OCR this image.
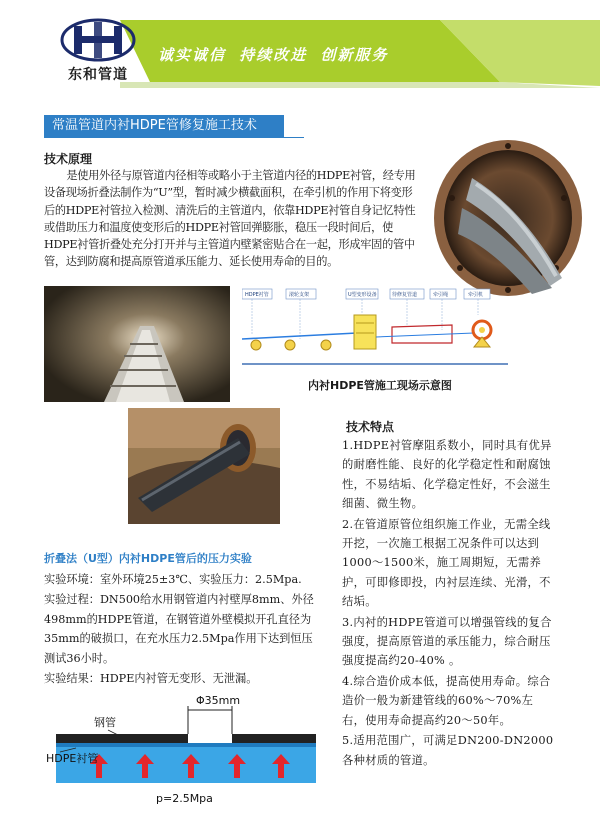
东和管道
诚实诚信 持续改进 创新服务
常温管道内衬HDPE管修复施工技术
技术原理
是使用外径与原管道内径相等或略小于主管道内径的HDPE衬管，经专用设备现场折叠法制作为“U”型，暂时减少横截面积，在牵引机的作用下将变形后的HDPE衬管拉入检测、清洗后的主管道内，依靠HDPE衬管自身记忆特性或借助压力和温度使变形后的HDPE衬管回弹膨胀，稳压一段时间后，使HDPE衬管折叠处充分打开并与主管道内壁紧密贴合在一起，形成牢固的管中管，达到防腐和提高原管道承压能力、延长使用寿命的目的。
HDPE衬管	滚轮支架	U型变形设备	待修复管道	牵引绳	牵引机
内衬HDPE管施工现场示意图
技术特点

1.HDPE衬管摩阻系数小，同时具有优异的耐磨性能、良好的化学稳定性和耐腐蚀性，不易结垢、化学稳定性好，不会滋生细菌、微生物。

2.在管道原管位组织施工作业，无需全线开挖，一次施工根据工况条件可以达到1000～1500米，施工周期短，无需养护，可即修即投，内衬层连续、光滑，不结垢。

3.内衬的HDPE管道可以增强管线的复合强度，提高原管道的承压能力，综合耐压强度提高约20-40% 。

4.综合造价成本低，提高使用寿命。综合造价一般为新建管线的60%～70%左右，使用寿命提高约20～50年。

5.适用范围广，可满足DN200-DN2000各种材质的管道。

折叠法（U型）内衬HDPE管后的压力实验

实验环境：室外环境25±3℃、实验压力：2.5Mpa.

实验过程：DN500给水用钢管道内衬壁厚8mm、外径498mm的HDPE管道，在钢管道外壁模拟开孔直径为35mm的破损口，在充水压力2.5Mpa作用下达到恒压测试36小时。

实验结果：HDPE内衬管无变形、无泄漏。

Φ35mm
钢管
HDPE衬管
p=2.5Mpa
